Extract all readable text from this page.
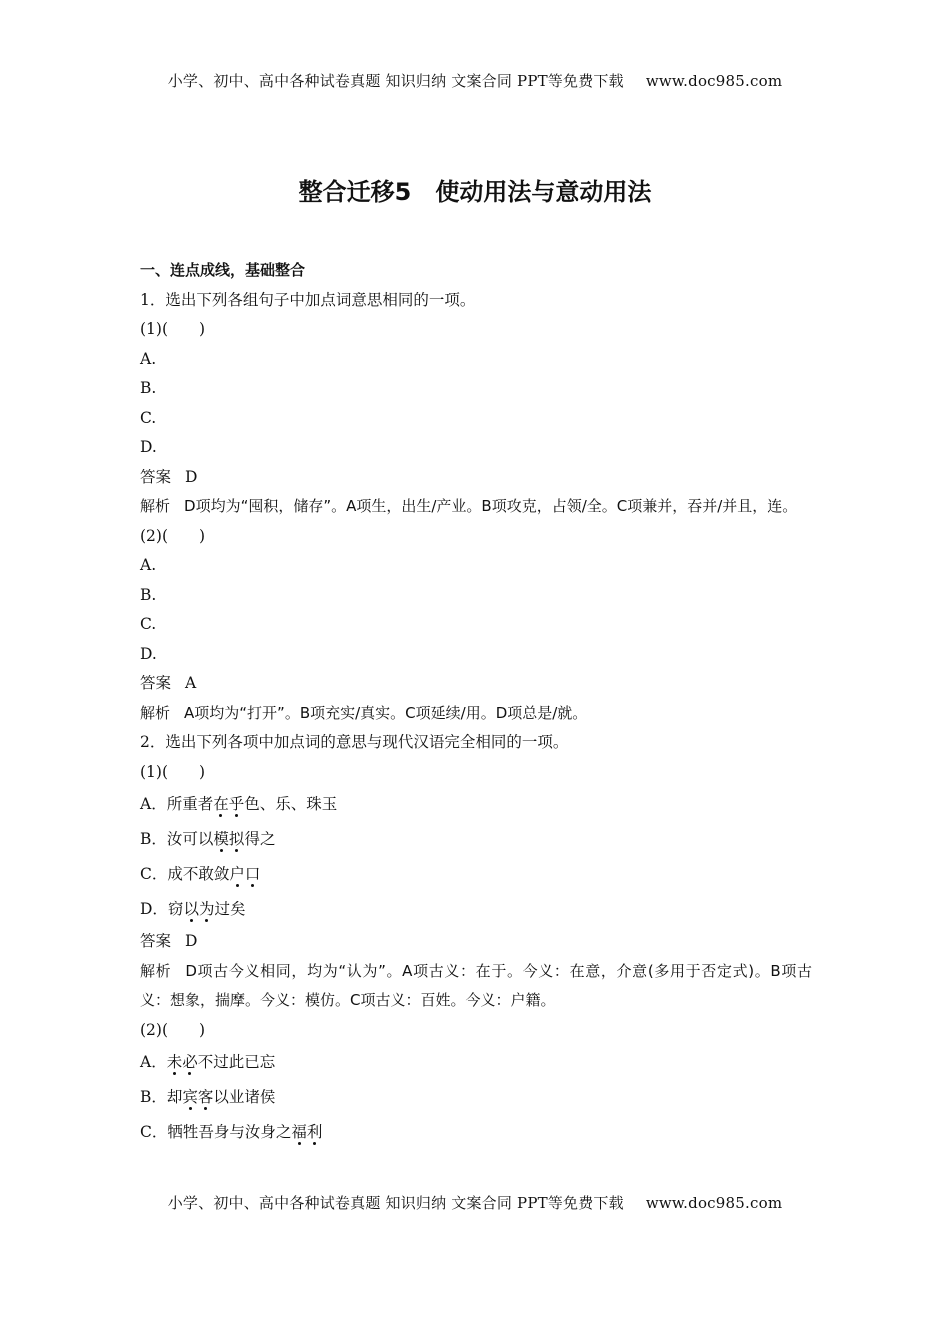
小学、初中、高中各种试卷真题 知识归纳 文案合同 PPT等免费下载 www.doc985.com
整合迁移5　使动用法与意动用法
一、连点成线，基础整合
1．选出下列各组句子中加点词意思相同的一项。
(1)(　　)
A.
B.
C.
D.
答案 D
解析 D项均为“囤积，储存”。A项生，出生/产业。B项攻克，占领/全。C项兼并，吞并/并且，连。
(2)(　　)
A.
B.
C.
D.
答案 A
解析 A项均为“打开”。B项充实/真实。C项延续/用。D项总是/就。
2．选出下列各项中加点词的意思与现代汉语完全相同的一项。
(1)(　　)
A．所重者在乎色、乐、珠玉
B．汝可以模拟得之
C．成不敢敛户口
D．窃以为过矣
答案 D
解析 D项古今义相同，均为“认为”。A项古义：在于。今义：在意，介意(多用于否定式)。B项古义：想象，揣摩。今义：模仿。C项古义：百姓。今义：户籍。
(2)(　　)
A．未必不过此已忘
B．却宾客以业诸侯
C．牺牲吾身与汝身之福利
小学、初中、高中各种试卷真题 知识归纳 文案合同 PPT等免费下载 www.doc985.com
